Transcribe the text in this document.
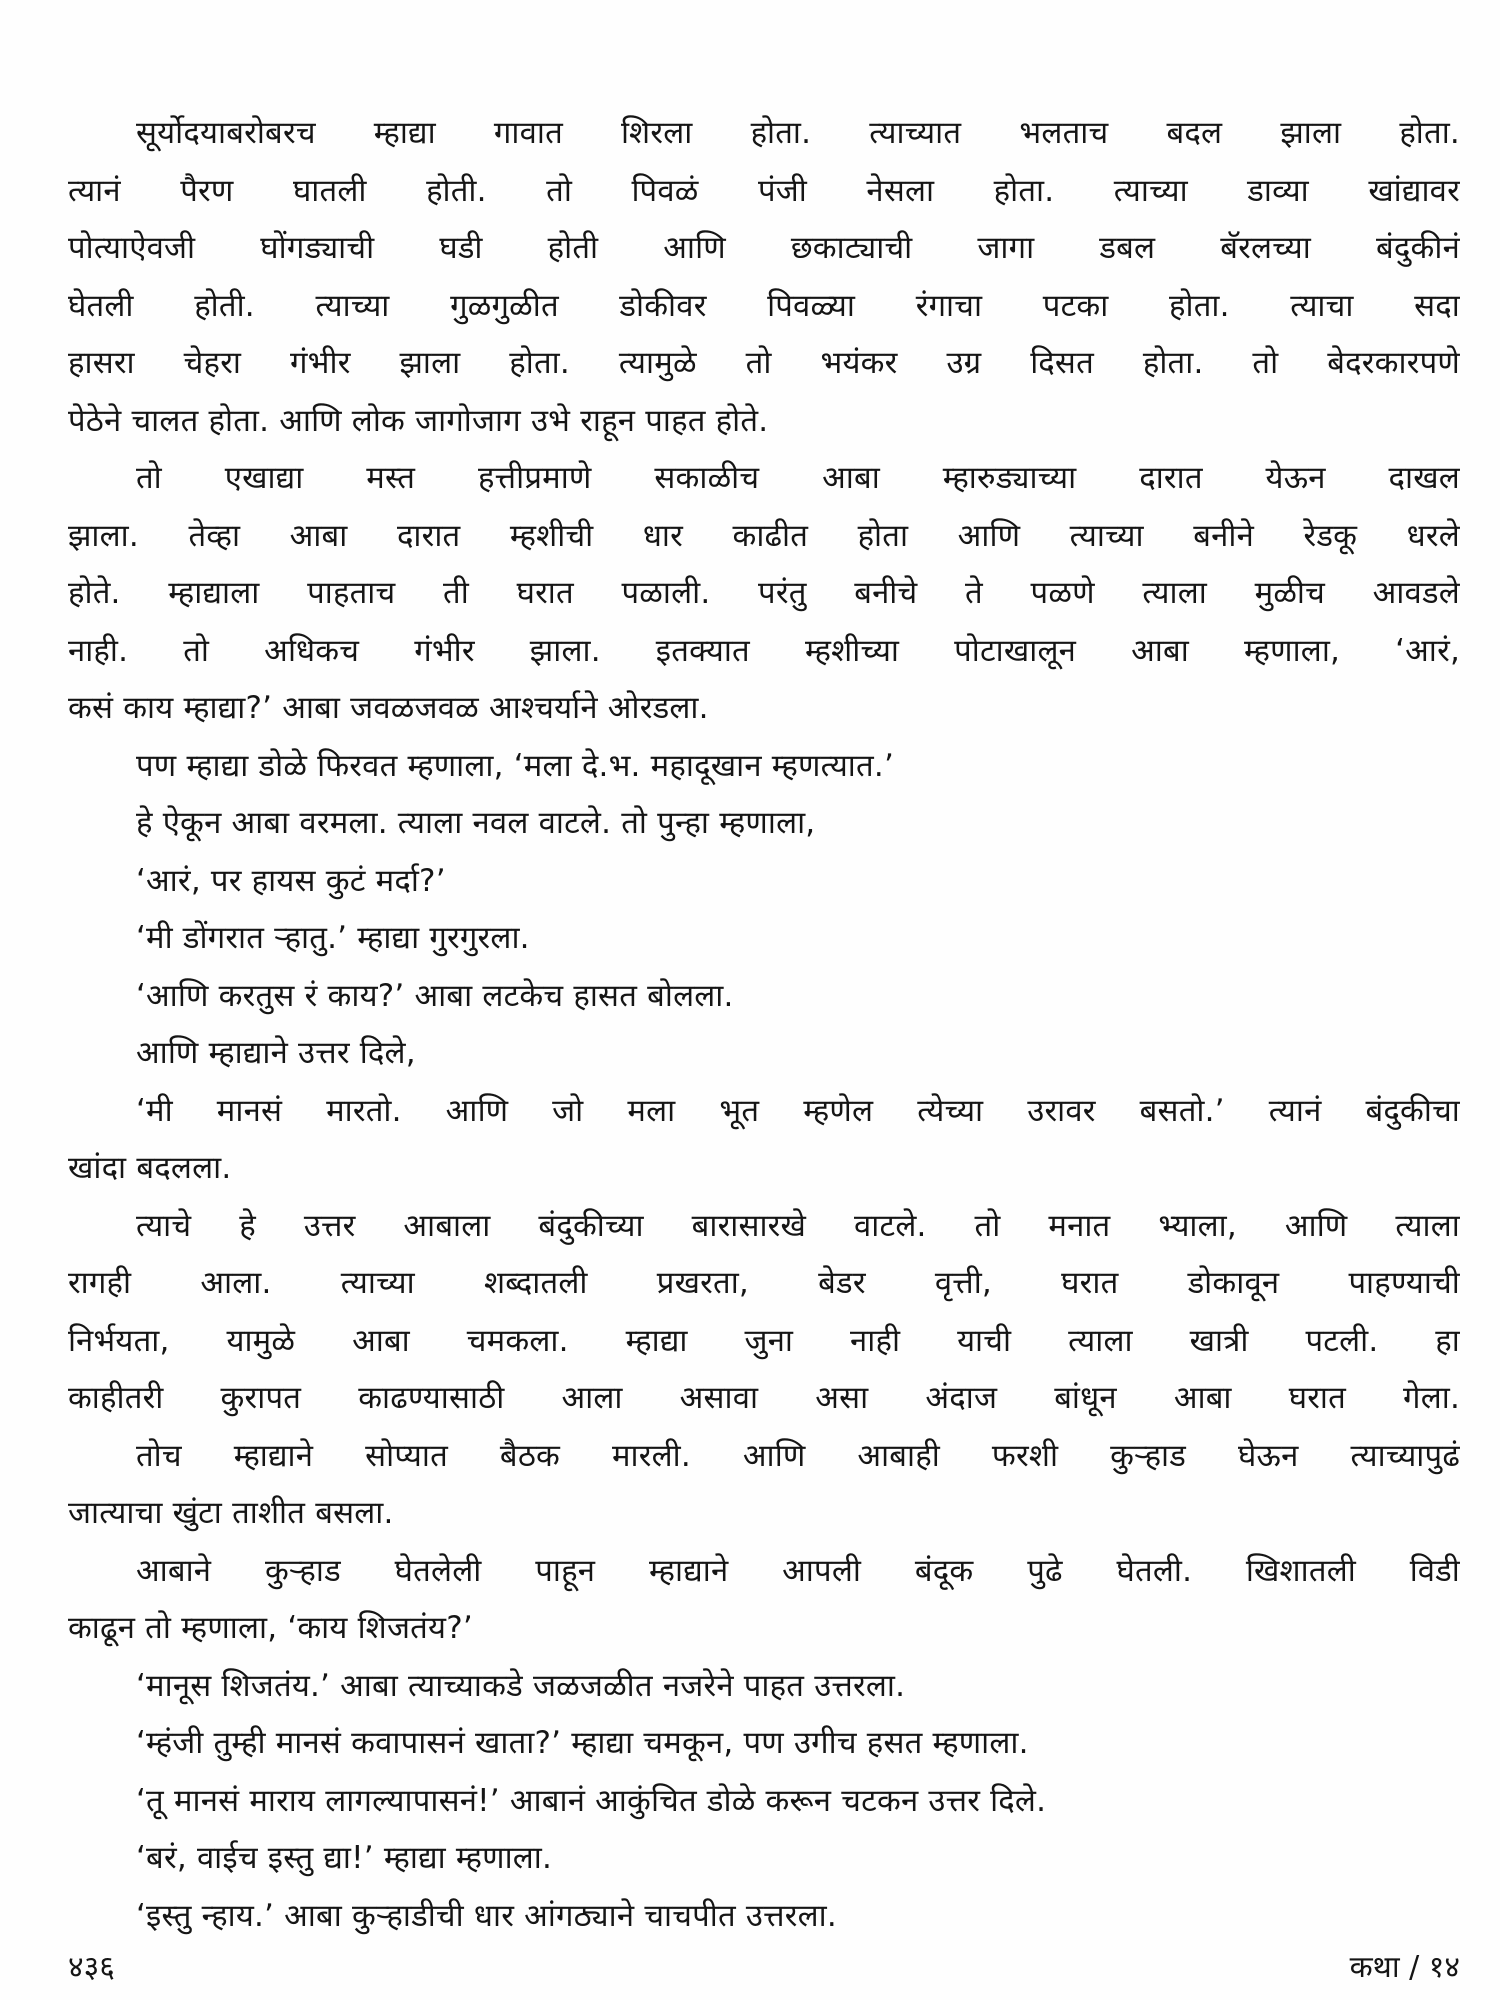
सूर्योदयाबरोबरच म्हाद्या गावात शिरला होता. त्याच्यात भलताच बदल झाला होता.
त्यानं पैरण घातली होती. तो पिवळं पंजी नेसला होता. त्याच्या डाव्या खांद्यावर
पोत्याऐवजी घोंगड्याची घडी होती आणि छकाट्याची जागा डबल बॅरलच्या बंदुकीनं
घेतली होती. त्याच्या गुळगुळीत डोकीवर पिवळ्या रंगाचा पटका होता. त्याचा सदा
हासरा चेहरा गंभीर झाला होता. त्यामुळे तो भयंकर उग्र दिसत होता. तो बेदरकारपणे
पेठेने चालत होता. आणि लोक जागोजाग उभे राहून पाहत होते.
तो एखाद्या मस्त हत्तीप्रमाणे सकाळीच आबा म्हारुड्याच्या दारात येऊन दाखल
झाला. तेव्हा आबा दारात म्हशीची धार काढीत होता आणि त्याच्या बनीने रेडकू धरले
होते. म्हाद्याला पाहताच ती घरात पळाली. परंतु बनीचे ते पळणे त्याला मुळीच आवडले
नाही. तो अधिकच गंभीर झाला. इतक्यात म्हशीच्या पोटाखालून आबा म्हणाला, ‘आरं,
कसं काय म्हाद्या?’ आबा जवळजवळ आश्चर्याने ओरडला.
पण म्हाद्या डोळे फिरवत म्हणाला, ‘मला दे.भ. महादूखान म्हणत्यात.’
हे ऐकून आबा वरमला. त्याला नवल वाटले. तो पुन्हा म्हणाला,
‘आरं, पर हायस कुटं मर्दा?’
‘मी डोंगरात ऱ्हातु.’ म्हाद्या गुरगुरला.
‘आणि करतुस रं काय?’ आबा लटकेच हासत बोलला.
आणि म्हाद्याने उत्तर दिले,
‘मी मानसं मारतो. आणि जो मला भूत म्हणेल त्येच्या उरावर बसतो.’ त्यानं बंदुकीचा
खांदा बदलला.
त्याचे हे उत्तर आबाला बंदुकीच्या बारासारखे वाटले. तो मनात भ्याला, आणि त्याला
रागही आला. त्याच्या शब्दातली प्रखरता, बेडर वृत्ती, घरात डोकावून पाहण्याची
निर्भयता, यामुळे आबा चमकला. म्हाद्या जुना नाही याची त्याला खात्री पटली. हा
काहीतरी कुरापत काढण्यासाठी आला असावा असा अंदाज बांधून आबा घरात गेला.
तोच म्हाद्याने सोप्यात बैठक मारली. आणि आबाही फरशी कुऱ्हाड घेऊन त्याच्यापुढं
जात्याचा खुंटा ताशीत बसला.
आबाने कुऱ्हाड घेतलेली पाहून म्हाद्याने आपली बंदूक पुढे घेतली. खिशातली विडी
काढून तो म्हणाला, ‘काय शिजतंय?’
‘मानूस शिजतंय.’ आबा त्याच्याकडे जळजळीत नजरेने पाहत उत्तरला.
‘म्हंजी तुम्ही मानसं कवापासनं खाता?’ म्हाद्या चमकून, पण उगीच हसत म्हणाला.
‘तू मानसं माराय लागल्यापासनं!’ आबानं आकुंचित डोळे करून चटकन उत्तर दिले.
‘बरं, वाईच इस्तु द्या!’ म्हाद्या म्हणाला.
‘इस्तु न्हाय.’ आबा कुऱ्हाडीची धार आंगठ्याने चाचपीत उत्तरला.
४३६	कथा / १४
